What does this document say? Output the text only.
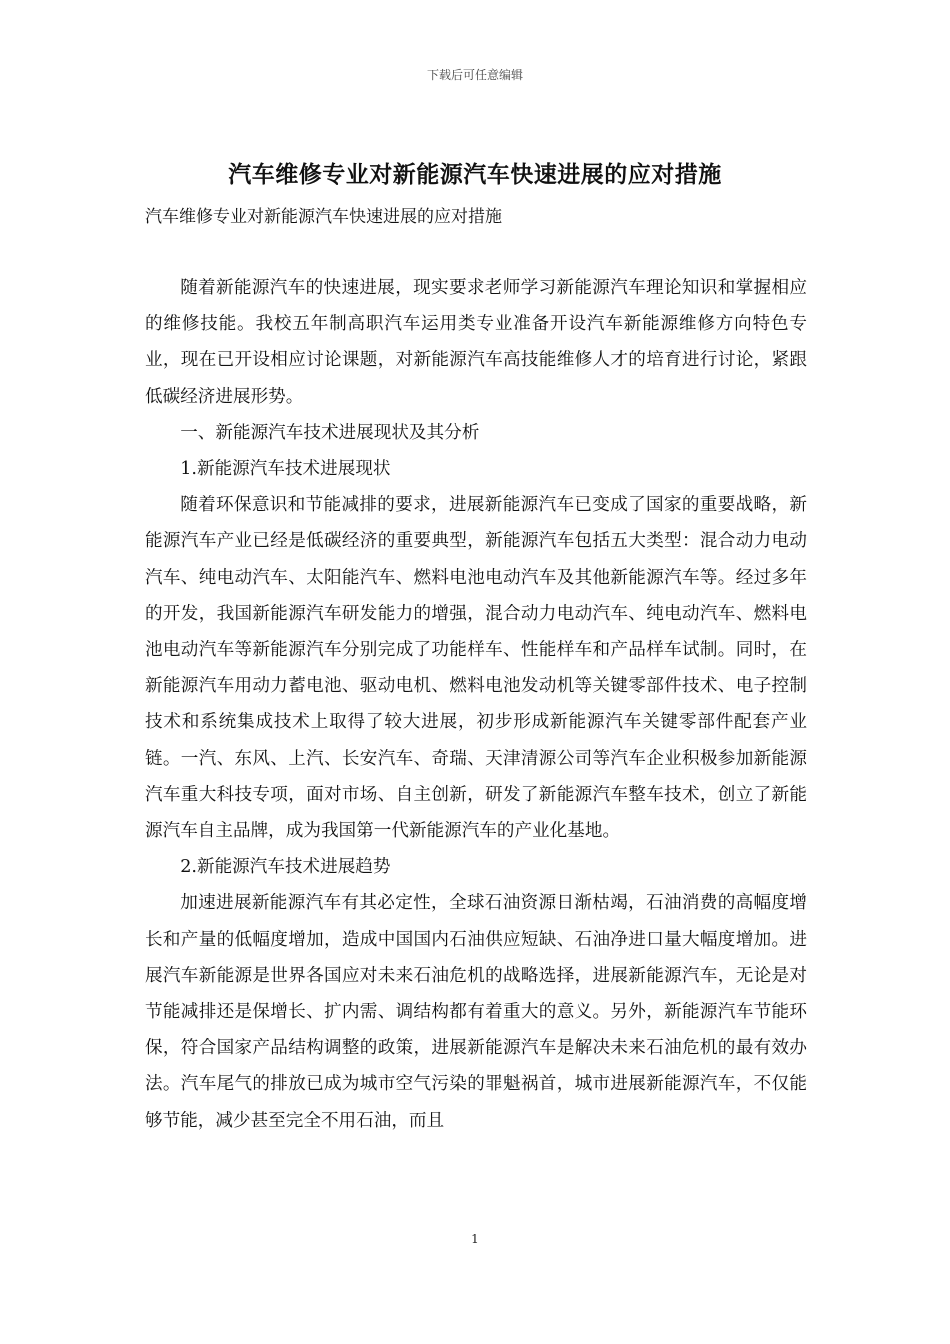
下载后可任意编辑
汽车维修专业对新能源汽车快速进展的应对措施
汽车维修专业对新能源汽车快速进展的应对措施

随着新能源汽车的快速进展，现实要求老师学习新能源汽车理论知识和掌握相应的维修技能。我校五年制高职汽车运用类专业准备开设汽车新能源维修方向特色专业，现在已开设相应讨论课题，对新能源汽车高技能维修人才的培育进行讨论，紧跟低碳经济进展形势。

一、新能源汽车技术进展现状及其分析

1.新能源汽车技术进展现状

随着环保意识和节能减排的要求，进展新能源汽车已变成了国家的重要战略，新能源汽车产业已经是低碳经济的重要典型，新能源汽车包括五大类型：混合动力电动汽车、纯电动汽车、太阳能汽车、燃料电池电动汽车及其他新能源汽车等。经过多年的开发，我国新能源汽车研发能力的增强，混合动力电动汽车、纯电动汽车、燃料电池电动汽车等新能源汽车分别完成了功能样车、性能样车和产品样车试制。同时，在新能源汽车用动力蓄电池、驱动电机、燃料电池发动机等关键零部件技术、电子控制技术和系统集成技术上取得了较大进展，初步形成新能源汽车关键零部件配套产业链。一汽、东风、上汽、长安汽车、奇瑞、天津清源公司等汽车企业积极参加新能源汽车重大科技专项，面对市场、自主创新，研发了新能源汽车整车技术，创立了新能源汽车自主品牌，成为我国第一代新能源汽车的产业化基地。

2.新能源汽车技术进展趋势

加速进展新能源汽车有其必定性，全球石油资源日渐枯竭，石油消费的高幅度增长和产量的低幅度增加，造成中国国内石油供应短缺、石油净进口量大幅度增加。进展汽车新能源是世界各国应对未来石油危机的战略选择，进展新能源汽车，无论是对节能减排还是保增长、扩内需、调结构都有着重大的意义。另外，新能源汽车节能环保，符合国家产品结构调整的政策，进展新能源汽车是解决未来石油危机的最有效办法。汽车尾气的排放已成为城市空气污染的罪魁祸首，城市进展新能源汽车，不仅能够节能，减少甚至完全不用石油，而且

1
